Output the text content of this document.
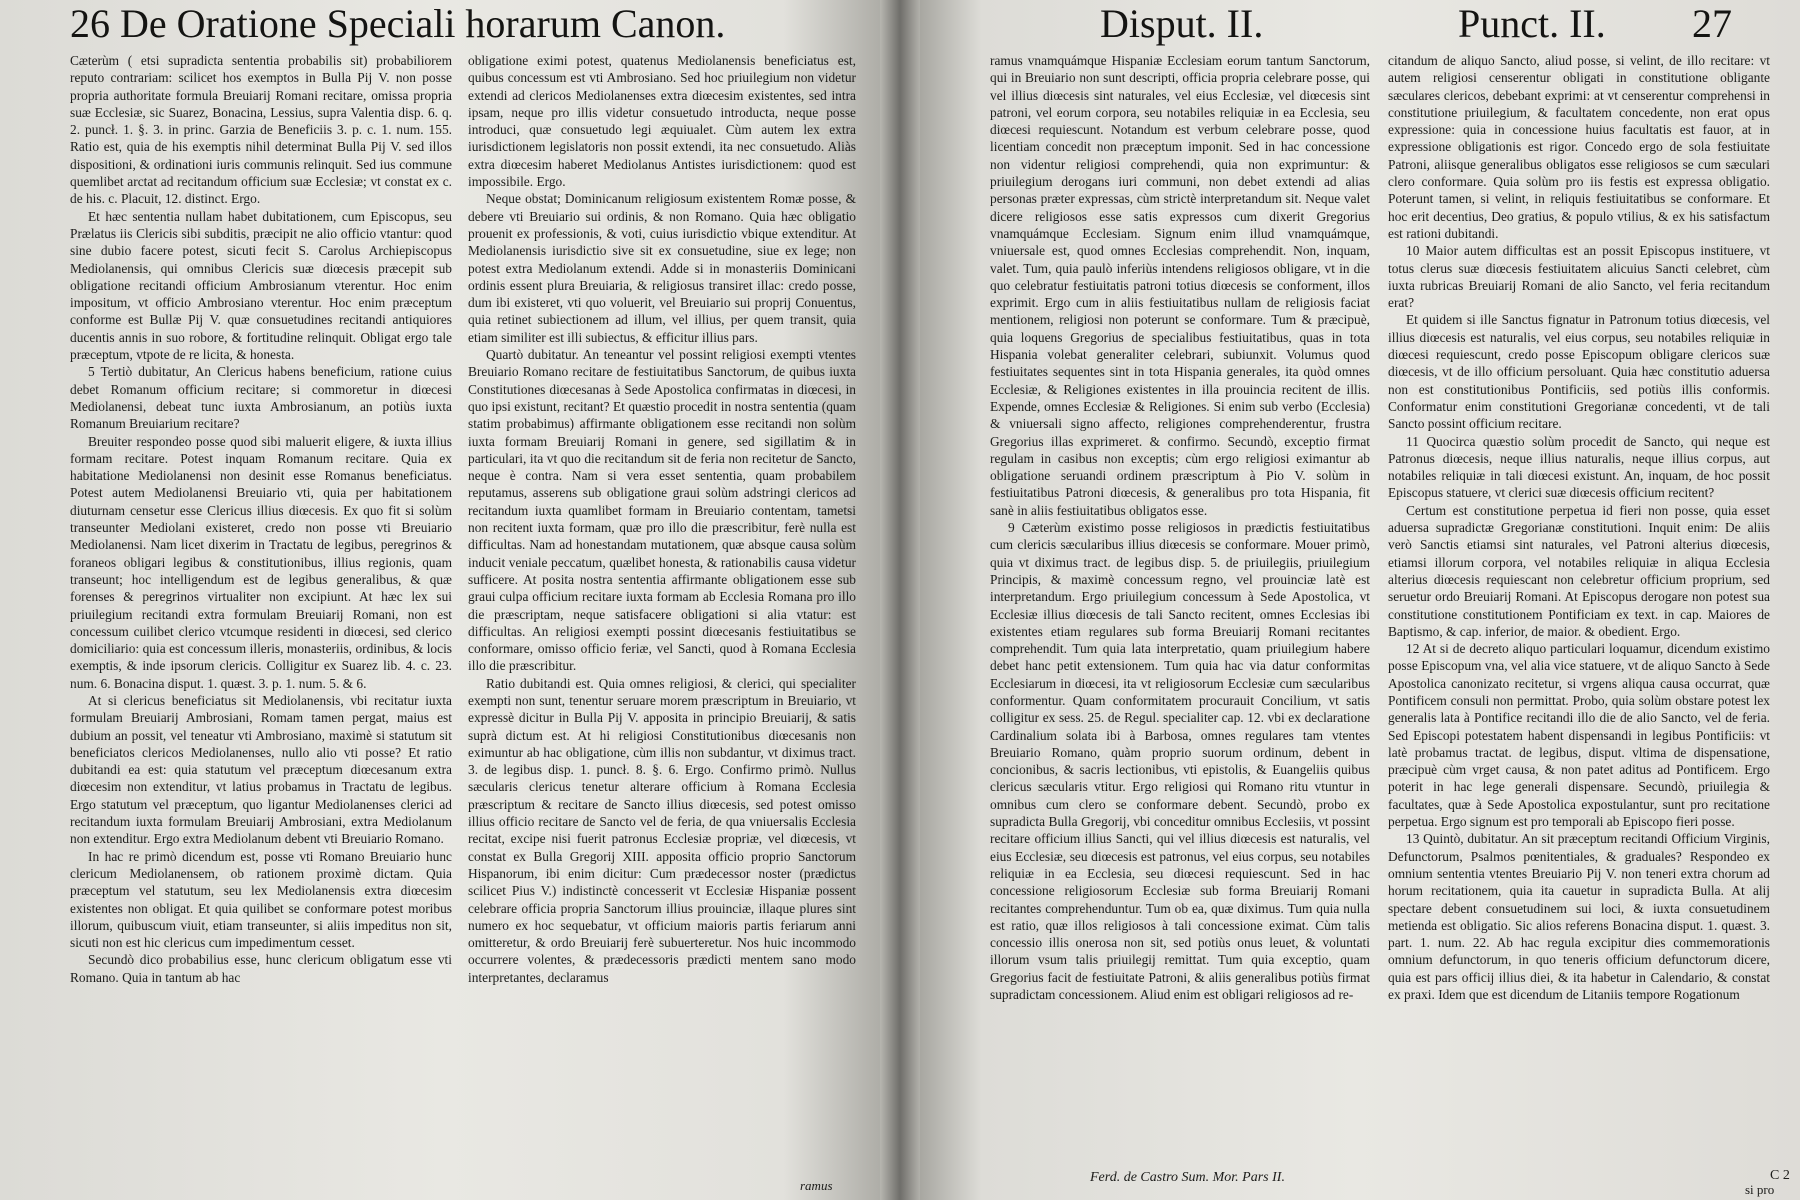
26 De Oratione Speciali horarum Canon.

Cæterùm ( etsi supradicta sententia probabilis sit) probabiliorem reputo contrariam: scilicet hos exemptos in Bulla Pij V. non posse propria authoritate formula Breuiarij Romani recitare, omissa propria suæ Ecclesiæ, sic Suarez, Bonacina, Lessius, supra Valentia disp. 6. q. 2. puncł. 1. §. 3. in princ. Garzia de Beneficiis 3. p. c. 1. num. 155. Ratio est, quia de his exemptis nihil determinat Bulla Pij V. sed illos dispositioni, & ordinationi iuris communis relinquit. Sed ius commune quemlibet arctat ad recitandum officium suæ Ecclesiæ; vt constat ex c. de his. c. Placuit, 12. distinct. Ergo.

Et hæc sententia nullam habet dubitationem, cum Episcopus, seu Prælatus iis Clericis sibi subditis, præcipit ne alio officio vtantur: quod sine dubio facere potest, sicuti fecit S. Carolus Archiepiscopus Mediolanensis, qui omnibus Clericis suæ diœcesis præcepit sub obligatione recitandi officium Ambrosianum vterentur. Hoc enim impositum, vt officio Ambrosiano vterentur. Hoc enim præceptum conforme est Bullæ Pij V. quæ consuetudines recitandi antiquiores ducentis annis in suo robore, & fortitudine relinquit. Obligat ergo tale præceptum, vtpote de re licita, & honesta.

5 Tertiò dubitatur, An Clericus habens beneficium, ratione cuius debet Romanum officium recitare; si commoretur in diœcesi Mediolanensi, debeat tunc iuxta Ambrosianum, an potiùs iuxta Romanum Breuiarium recitare?

Breuiter respondeo posse quod sibi maluerit eligere, & iuxta illius formam recitare. Potest inquam Romanum recitare. Quia ex habitatione Mediolanensi non desinit esse Romanus beneficiatus. Potest autem Mediolanensi Breuiario vti, quia per habitationem diuturnam censetur esse Clericus illius diœcesis. Ex quo fit si solùm transeunter Mediolani existeret, credo non posse vti Breuiario Mediolanensi. Nam licet dixerim in Tractatu de legibus, peregrinos & foraneos obligari legibus & constitutionibus, illius regionis, quam transeunt; hoc intelligendum est de legibus generalibus, & quæ forenses & peregrinos virtualiter non excipiunt. At hæc lex sui priuilegium recitandi extra formulam Breuiarij Romani, non est concessum cuilibet clerico vtcumque residenti in diœcesi, sed clerico domiciliario: quia est concessum illeris, monasteriis, ordinibus, & locis exemptis, & inde ipsorum clericis. Colligitur ex Suarez lib. 4. c. 23. num. 6. Bonacina disput. 1. quæst. 3. p. 1. num. 5. & 6.

At si clericus beneficiatus sit Mediolanensis, vbi recitatur iuxta formulam Breuiarij Ambrosiani, Romam tamen pergat, maius est dubium an possit, vel teneatur vti Ambrosiano, maximè si statutum sit beneficiatos clericos Mediolanenses, nullo alio vti posse? Et ratio dubitandi ea est: quia statutum vel præceptum diœcesanum extra diœcesim non extenditur, vt latius probamus in Tractatu de legibus. Ergo statutum vel præceptum, quo ligantur Mediolanenses clerici ad recitandum iuxta formulam Breuiarij Ambrosiani, extra Mediolanum non extenditur. Ergo extra Mediolanum debent vti Breuiario Romano.

In hac re primò dicendum est, posse vti Romano Breuiario hunc clericum Mediolanensem, ob rationem proximè dictam. Quia præceptum vel statutum, seu lex Mediolanensis extra diœcesim existentes non obligat. Et quia quilibet se conformare potest moribus illorum, quibuscum viuit, etiam transeunter, si aliis impeditus non sit, sicuti non est hic clericus cum impedimentum cesset.

Secundò dico probabilius esse, hunc clericum obligatum esse vti Romano. Quia in tantum ab hac

obligatione eximi potest, quatenus Mediolanensis beneficiatus est, quibus concessum est vti Ambrosiano. Sed hoc priuilegium non videtur extendi ad clericos Mediolanenses extra diœcesim existentes, sed intra ipsam, neque pro illis videtur consuetudo introducta, neque posse introduci, quæ consuetudo legi æquiualet. Cùm autem lex extra iurisdictionem legislatoris non possit extendi, ita nec consuetudo. Aliàs extra diœcesim haberet Mediolanus Antistes iurisdictionem: quod est impossibile. Ergo.

Neque obstat; Dominicanum religiosum existentem Romæ posse, & debere vti Breuiario sui ordinis, & non Romano. Quia hæc obligatio prouenit ex professionis, & voti, cuius iurisdictio vbique extenditur. At Mediolanensis iurisdictio sive sit ex consuetudine, siue ex lege; non potest extra Mediolanum extendi. Adde si in monasteriis Dominicani ordinis essent plura Breuiaria, & religiosus transiret illac: credo posse, dum ibi existeret, vti quo voluerit, vel Breuiario sui proprij Conuentus, quia retinet subiectionem ad illum, vel illius, per quem transit, quia etiam similiter est illi subiectus, & efficitur illius pars.

Quartò dubitatur. An teneantur vel possint religiosi exempti vtentes Breuiario Romano recitare de festiuitatibus Sanctorum, de quibus iuxta Constitutiones diœcesanas à Sede Apostolica confirmatas in diœcesi, in quo ipsi existunt, recitant? Et quæstio procedit in nostra sententia (quam statim probabimus) affirmante obligationem esse recitandi non solùm iuxta formam Breuiarij Romani in genere, sed sigillatim & in particulari, ita vt quo die recitandum sit de feria non recitetur de Sancto, neque è contra. Nam si vera esset sententia, quam probabilem reputamus, asserens sub obligatione graui solùm adstringi clericos ad recitandum iuxta quamlibet formam in Breuiario contentam, tametsi non recitent iuxta formam, quæ pro illo die præscribitur, ferè nulla est difficultas. Nam ad honestandam mutationem, quæ absque causa solùm inducit veniale peccatum, quælibet honesta, & rationabilis causa videtur sufficere. At posita nostra sententia affirmante obligationem esse sub graui culpa officium recitare iuxta formam ab Ecclesia Romana pro illo die præscriptam, neque satisfacere obligationi si alia vtatur: est difficultas. An religiosi exempti possint diœcesanis festiuitatibus se conformare, omisso officio feriæ, vel Sancti, quod à Romana Ecclesia illo die præscribitur.

Ratio dubitandi est. Quia omnes religiosi, & clerici, qui specialiter exempti non sunt, tenentur seruare morem præscriptum in Breuiario, vt expressè dicitur in Bulla Pij V. apposita in principio Breuiarij, & satis suprà dictum est. At hi religiosi Constitutionibus diœcesanis non eximuntur ab hac obligatione, cùm illis non subdantur, vt diximus tract. 3. de legibus disp. 1. puncł. 8. §. 6. Ergo. Confirmo primò. Nullus sæcularis clericus tenetur alterare officium à Romana Ecclesia præscriptum & recitare de Sancto illius diœcesis, sed potest omisso illius officio recitare de Sancto vel de feria, de qua vniuersalis Ecclesia recitat, excipe nisi fuerit patronus Ecclesiæ propriæ, vel diœcesis, vt constat ex Bulla Gregorij XIII. apposita officio proprio Sanctorum Hispanorum, ibi enim dicitur: Cum prædecessor noster (prædictus scilicet Pius V.) indistinctè concesserit vt Ecclesiæ Hispaniæ possent celebrare officia propria Sanctorum illius prouinciæ, illaque plures sint numero ex hoc sequebatur, vt officium maioris partis feriarum anni omitteretur, & ordo Breuiarij ferè subuerteretur. Nos huic incommodo occurrere volentes, & prædecessoris prædicti mentem sano modo interpretantes, declaramus

ramus
Disput. II.	Punct. II. 27

ramus vnamquámque Hispaniæ Ecclesiam eorum tantum Sanctorum, qui in Breuiario non sunt descripti, officia propria celebrare posse, qui vel illius diœcesis sint naturales, vel eius Ecclesiæ, vel diœcesis sint patroni, vel eorum corpora, seu notabiles reliquiæ in ea Ecclesia, seu diœcesi requiescunt. Notandum est verbum celebrare posse, quod licentiam concedit non præceptum imponit. Sed in hac concessione non videntur religiosi comprehendi, quia non exprimuntur: & priuilegium derogans iuri communi, non debet extendi ad alias personas præter expressas, cùm strictè interpretandum sit. Neque valet dicere religiosos esse satis expressos cum dixerit Gregorius vnamquámque Ecclesiam. Signum enim illud vnamquámque, vniuersale est, quod omnes Ecclesias comprehendit. Non, inquam, valet. Tum, quia paulò inferiùs intendens religiosos obligare, vt in die quo celebratur festiuitatis patroni totius diœcesis se conforment, illos exprimit. Ergo cum in aliis festiuitatibus nullam de religiosis faciat mentionem, religiosi non poterunt se conformare. Tum & præcipuè, quia loquens Gregorius de specialibus festiuitatibus, quas in tota Hispania volebat generaliter celebrari, subiunxit. Volumus quod festiuitates sequentes sint in tota Hispania generales, ita quòd omnes Ecclesiæ, & Religiones existentes in illa prouincia recitent de illis. Expende, omnes Ecclesiæ & Religiones. Si enim sub verbo (Ecclesia) & vniuersali signo affecto, religiones comprehenderentur, frustra Gregorius illas exprimeret. & confirmo. Secundò, exceptio firmat regulam in casibus non exceptis; cùm ergo religiosi eximantur ab obligatione seruandi ordinem præscriptum à Pio V. solùm in festiuitatibus Patroni diœcesis, & generalibus pro tota Hispania, fit sanè in aliis festiuitatibus obligatos esse.

9 Cæterùm existimo posse religiosos in prædictis festiuitatibus cum clericis sæcularibus illius diœcesis se conformare. Mouer primò, quia vt diximus tract. de legibus disp. 5. de priuilegiis, priuilegium Principis, & maximè concessum regno, vel prouinciæ latè est interpretandum. Ergo priuilegium concessum à Sede Apostolica, vt Ecclesiæ illius diœcesis de tali Sancto recitent, omnes Ecclesias ibi existentes etiam regulares sub forma Breuiarij Romani recitantes comprehendit. Tum quia lata interpretatio, quam priuilegium habere debet hanc petit extensionem. Tum quia hac via datur conformitas Ecclesiarum in diœcesi, ita vt religiosorum Ecclesiæ cum sæcularibus conformentur. Quam conformitatem procurauit Concilium, vt satis colligitur ex sess. 25. de Regul. specialiter cap. 12. vbi ex declaratione Cardinalium solata ibi à Barbosa, omnes regulares tam vtentes Breuiario Romano, quàm proprio suorum ordinum, debent in concionibus, & sacris lectionibus, vti epistolis, & Euangeliis quibus clericus sæcularis vtitur. Ergo religiosi qui Romano ritu vtuntur in omnibus cum clero se conformare debent. Secundò, probo ex supradicta Bulla Gregorij, vbi conceditur omnibus Ecclesiis, vt possint recitare officium illius Sancti, qui vel illius diœcesis est naturalis, vel eius Ecclesiæ, seu diœcesis est patronus, vel eius corpus, seu notabiles reliquiæ in ea Ecclesia, seu diœcesi requiescunt. Sed in hac concessione religiosorum Ecclesiæ sub forma Breuiarij Romani recitantes comprehenduntur. Tum ob ea, quæ diximus. Tum quia nulla est ratio, quæ illos religiosos à tali concessione eximat. Cùm talis concessio illis onerosa non sit, sed potiùs onus leuet, & voluntati illorum vsum talis priuilegij remittat. Tum quia exceptio, quam Gregorius facit de festiuitate Patroni, & aliis generalibus potiùs firmat supradictam concessionem. Aliud enim est obligari religiosos ad re-

citandum de aliquo Sancto, aliud posse, si velint, de illo recitare: vt autem religiosi censerentur obligati in constitutione obligante sæculares clericos, debebant exprimi: at vt censerentur comprehensi in constitutione priuilegium, & facultatem concedente, non erat opus expressione: quia in concessione huius facultatis est fauor, at in expressione obligationis est rigor. Concedo ergo de sola festiuitate Patroni, aliisque generalibus obligatos esse religiosos se cum sæculari clero conformare. Quia solùm pro iis festis est expressa obligatio. Poterunt tamen, si velint, in reliquis festiuitatibus se conformare. Et hoc erit decentius, Deo gratius, & populo vtilius, & ex his satisfactum est rationi dubitandi.

10 Maior autem difficultas est an possit Episcopus instituere, vt totus clerus suæ diœcesis festiuitatem alicuius Sancti celebret, cùm iuxta rubricas Breuiarij Romani de alio Sancto, vel feria recitandum erat?

Et quidem si ille Sanctus fignatur in Patronum totius diœcesis, vel illius diœcesis est naturalis, vel eius corpus, seu notabiles reliquiæ in diœcesi requiescunt, credo posse Episcopum obligare clericos suæ diœcesis, vt de illo officium persoluant. Quia hæc constitutio aduersa non est constitutionibus Pontificiis, sed potiùs illis conformis. Conformatur enim constitutioni Gregorianæ concedenti, vt de tali Sancto possint officium recitare.

11 Quocirca quæstio solùm procedit de Sancto, qui neque est Patronus diœcesis, neque illius naturalis, neque illius corpus, aut notabiles reliquiæ in tali diœcesi existunt. An, inquam, de hoc possit Episcopus statuere, vt clerici suæ diœcesis officium recitent?

Certum est constitutione perpetua id fieri non posse, quia esset aduersa supradictæ Gregorianæ constitutioni. Inquit enim: De aliis verò Sanctis etiamsi sint naturales, vel Patroni alterius diœcesis, etiamsi illorum corpora, vel notabiles reliquiæ in aliqua Ecclesia alterius diœcesis requiescant non celebretur officium proprium, sed seruetur ordo Breuiarij Romani. At Episcopus derogare non potest sua constitutione constitutionem Pontificiam ex text. in cap. Maiores de Baptismo, & cap. inferior, de maior. & obedient. Ergo.

12 At si de decreto aliquo particulari loquamur, dicendum existimo posse Episcopum vna, vel alia vice statuere, vt de aliquo Sancto à Sede Apostolica canonizato recitetur, si vrgens aliqua causa occurrat, quæ Pontificem consuli non permittat. Probo, quia solùm obstare potest lex generalis lata à Pontifice recitandi illo die de alio Sancto, vel de feria. Sed Episcopi potestatem habent dispensandi in legibus Pontificiis: vt latè probamus tractat. de legibus, disput. vltima de dispensatione, præcipuè cùm vrget causa, & non patet aditus ad Pontificem. Ergo poterit in hac lege generali dispensare. Secundò, priuilegia & facultates, quæ à Sede Apostolica expostulantur, sunt pro recitatione perpetua. Ergo signum est pro temporali ab Episcopo fieri posse.

13 Quintò, dubitatur. An sit præceptum recitandi Officium Virginis, Defunctorum, Psalmos pœnitentiales, & graduales? Respondeo ex omnium sententia vtentes Breuiario Pij V. non teneri extra chorum ad horum recitationem, quia ita cauetur in supradicta Bulla. At alij spectare debent consuetudinem sui loci, & iuxta consuetudinem metienda est obligatio. Sic alios referens Bonacina disput. 1. quæst. 3. part. 1. num. 22. Ab hac regula excipitur dies commemorationis omnium defunctorum, in quo teneris officium defunctorum dicere, quia est pars officij illius diei, & ita habetur in Calendario, & constat ex praxi. Idem que est dicendum de Litaniis tempore Rogationum

Ferd. de Castro Sum. Mor. Pars II.	C 2
si pro
